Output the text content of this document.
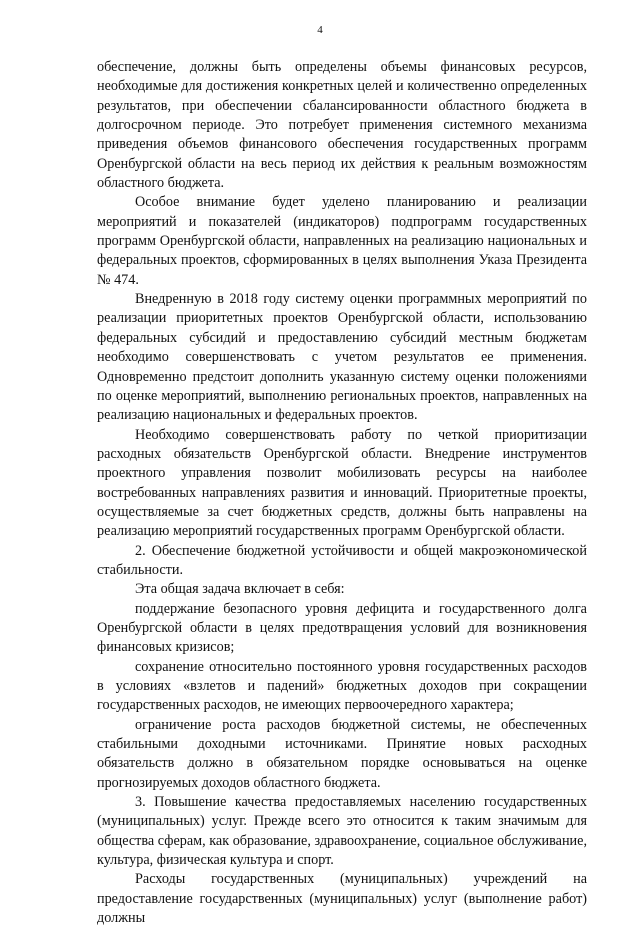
4

обеспечение, должны быть определены объемы финансовых ресурсов, необходимые для достижения конкретных целей и количественно определенных результатов, при обеспечении сбалансированности областного бюджета в долгосрочном периоде. Это потребует применения системного механизма приведения объемов финансового обеспечения государственных программ Оренбургской области на весь период их действия к реальным возможностям областного бюджета.

Особое внимание будет уделено планированию и реализации мероприятий и показателей (индикаторов) подпрограмм государственных программ Оренбургской области, направленных на реализацию национальных и федеральных проектов, сформированных в целях выполнения Указа Президента № 474.

Внедренную в 2018 году систему оценки программных мероприятий по реализации приоритетных проектов Оренбургской области, использованию федеральных субсидий и предоставлению субсидий местным бюджетам необходимо совершенствовать с учетом результатов ее применения. Одновременно предстоит дополнить указанную систему оценки положениями по оценке мероприятий, выполнению региональных проектов, направленных на реализацию национальных и федеральных проектов.

Необходимо совершенствовать работу по четкой приоритизации расходных обязательств Оренбургской области. Внедрение инструментов проектного управления позволит мобилизовать ресурсы на наиболее востребованных направлениях развития и инноваций. Приоритетные проекты, осуществляемые за счет бюджетных средств, должны быть направлены на реализацию мероприятий государственных программ Оренбургской области.

2. Обеспечение бюджетной устойчивости и общей макроэкономической стабильности.

Эта общая задача включает в себя:

поддержание безопасного уровня дефицита и государственного долга Оренбургской области в целях предотвращения условий для возникновения финансовых кризисов;

сохранение относительно постоянного уровня государственных расходов в условиях «взлетов и падений» бюджетных доходов при сокращении государственных расходов, не имеющих первоочередного характера;

ограничение роста расходов бюджетной системы, не обеспеченных стабильными доходными источниками. Принятие новых расходных обязательств должно в обязательном порядке основываться на оценке прогнозируемых доходов областного бюджета.

3. Повышение качества предоставляемых населению государственных (муниципальных) услуг. Прежде всего это относится к таким значимым для общества сферам, как образование, здравоохранение, социальное обслуживание, культура, физическая культура и спорт.

Расходы государственных (муниципальных) учреждений на предоставление государственных (муниципальных) услуг (выполнение работ) должны
